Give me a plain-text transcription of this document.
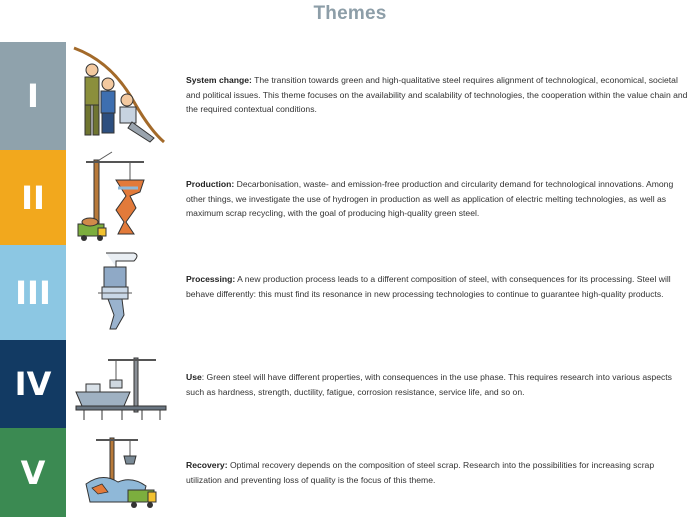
Themes
I	System change: The transition towards green and high-qualitative steel requires alignment of technological, economical, societal and political issues. This theme focuses on the availability and scalability of technologies, the cooperation within the value chain and the required contextual conditions.
II	Production: Decarbonisation, waste- and emission-free production and circularity demand for technological innovations. Among other things, we investigate the use of hydrogen in production as well as application of electric melting technologies, as well as maximum scrap recycling, with the goal of producing high-quality green steel.
III	Processing: A new production process leads to a different composition of steel, with consequences for its processing. Steel will behave differently: this must find its resonance in new processing technologies to continue to guarantee high-quality products.
IV	Use: Green steel will have different properties, with consequences in the use phase. This requires research into various aspects such as hardness, strength, ductility, fatigue, corrosion resistance, service life, and so on.
V	Recovery: Optimal recovery depends on the composition of steel scrap. Research into the possibilities for increasing scrap utilization and preventing loss of quality is the focus of this theme.
